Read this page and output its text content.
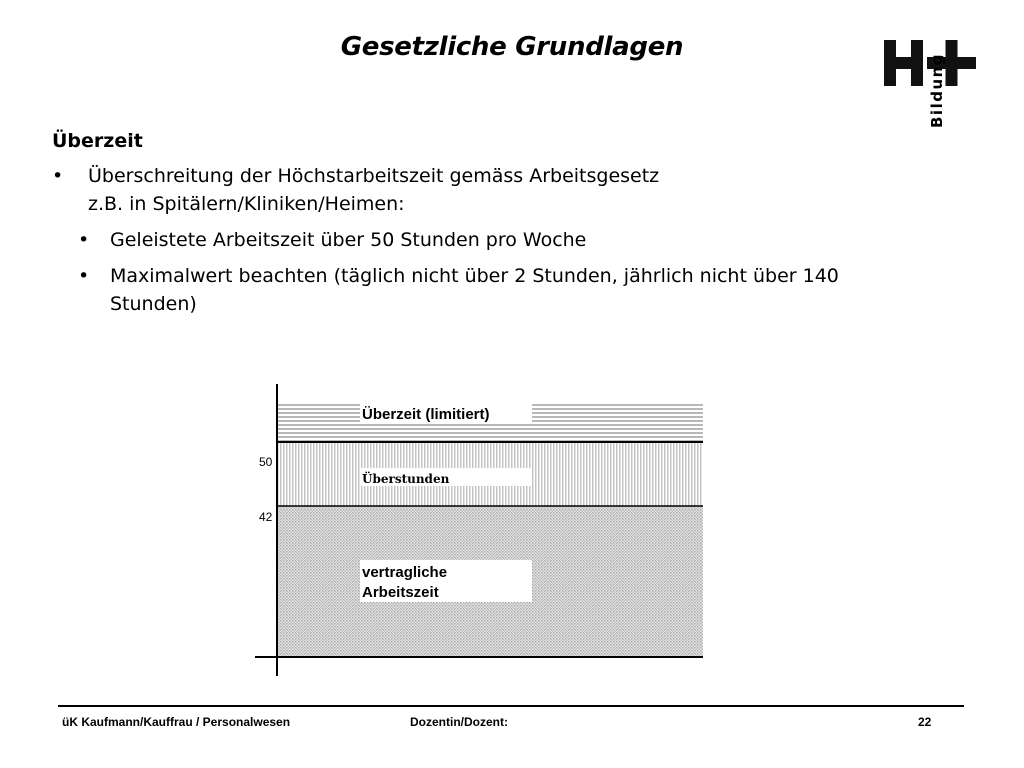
Gesetzliche Grundlagen
Bildung

Überzeit

• Überschreitung der Höchstarbeitszeit gemäss Arbeitsgesetz
z.B. in Spitälern/Kliniken/Heimen:
• Geleistete Arbeitszeit über 50 Stunden pro Woche
• Maximalwert beachten (täglich nicht über 2 Stunden, jährlich nicht über 140
Stunden)
Überzeit (limitiert)
Überstunden
vertragliche
Arbeitszeit
50
42
üK Kaufmann/Kauffrau / Personalwesen	Dozentin/Dozent:	22
